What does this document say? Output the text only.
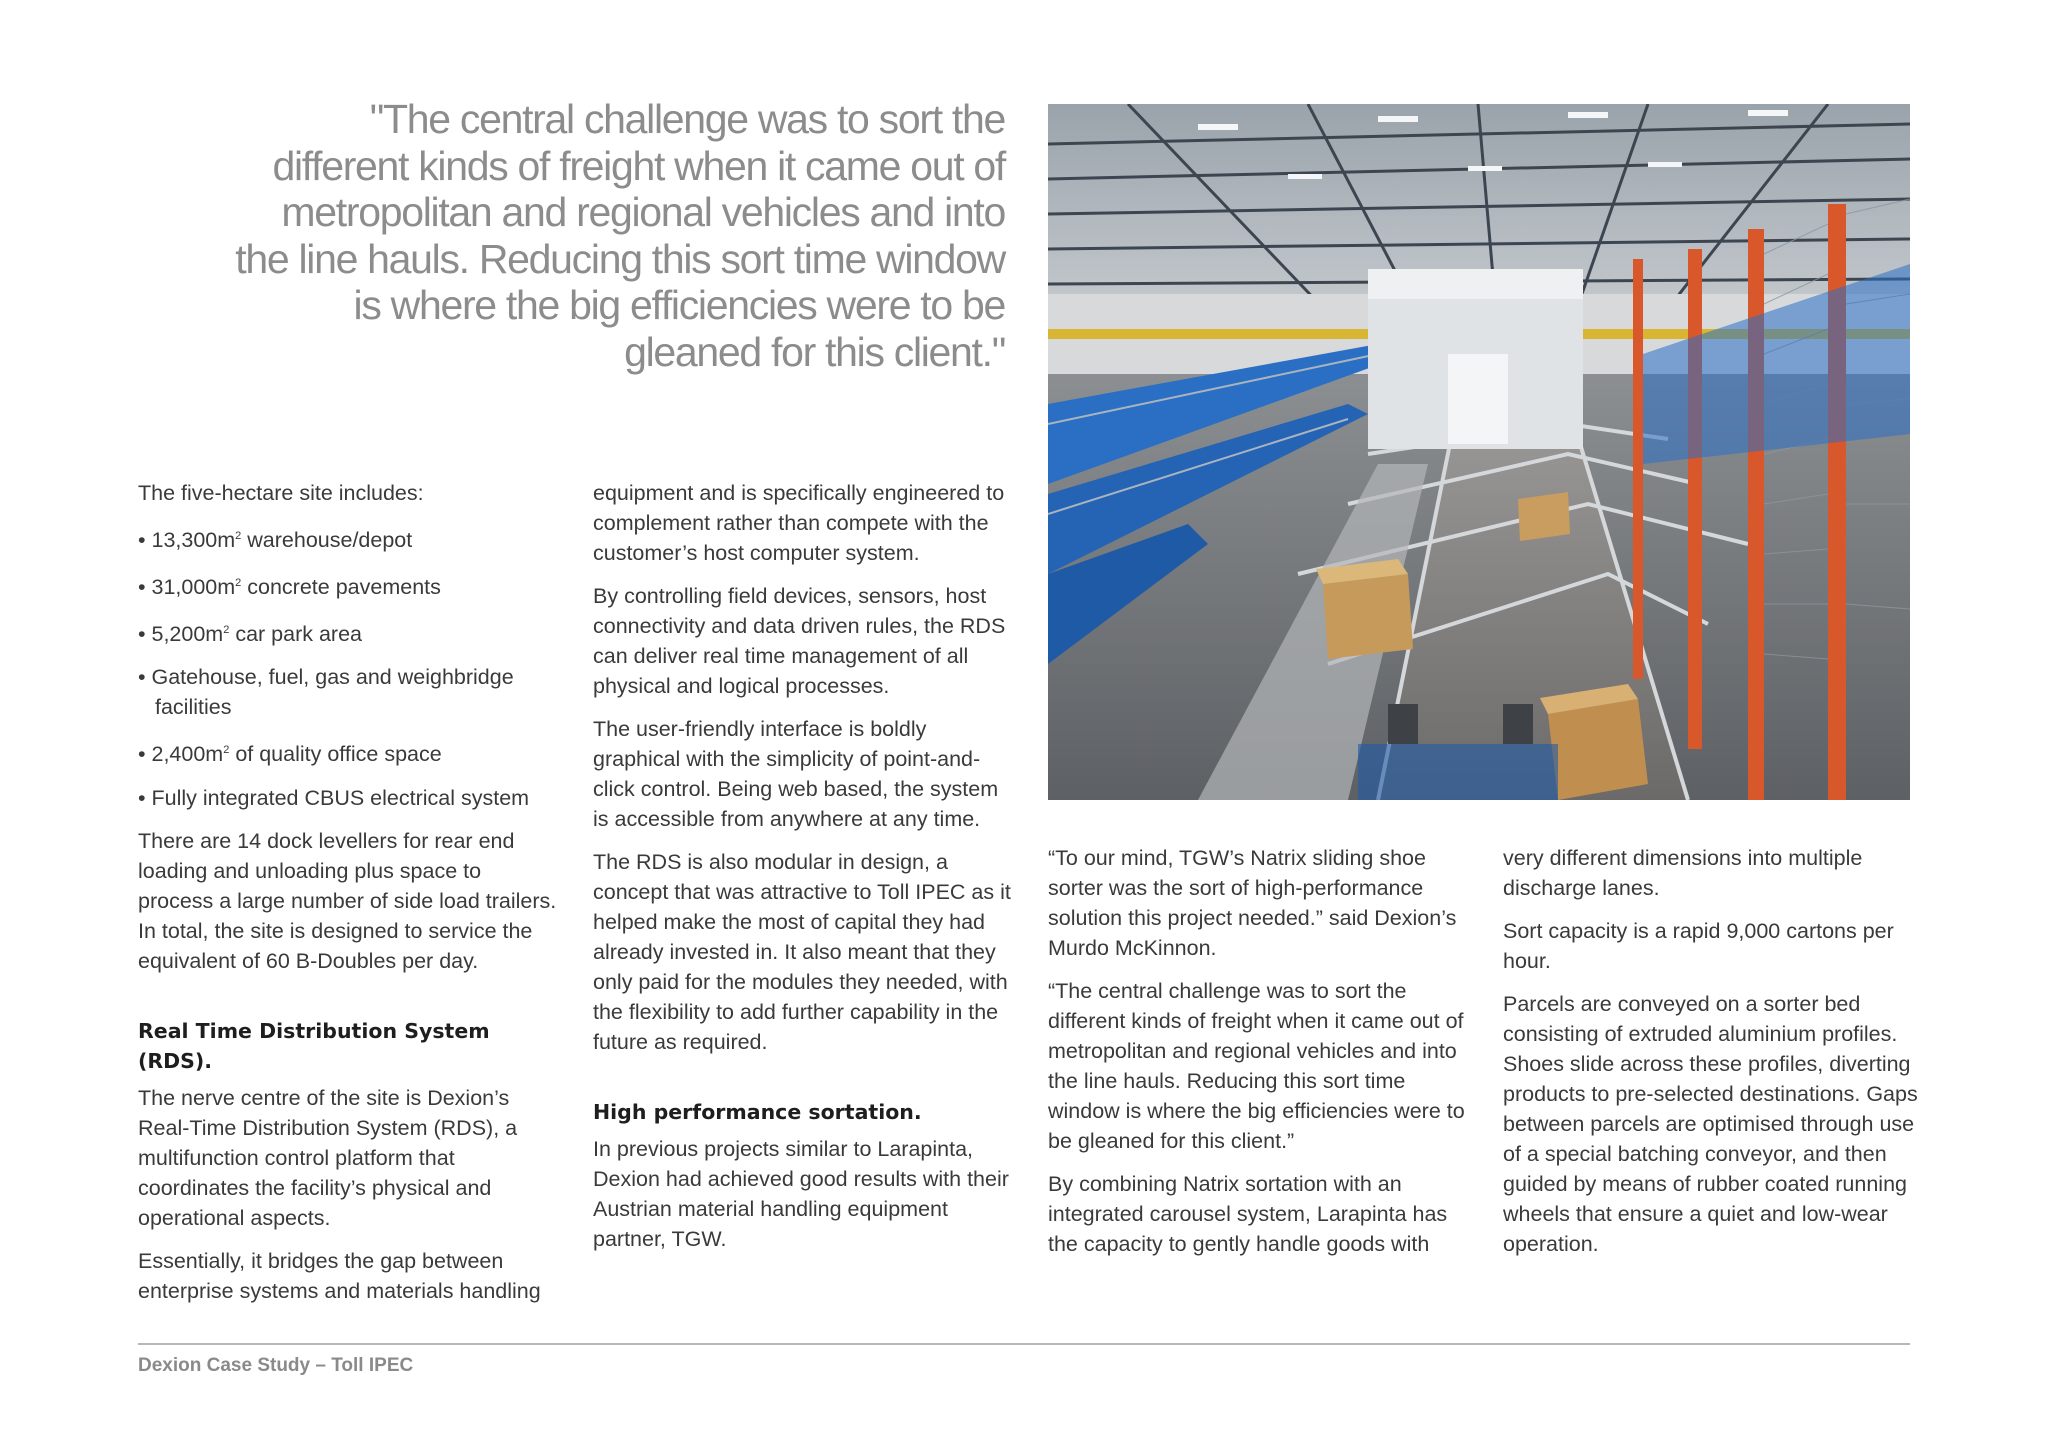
"The central challenge was to sort the different kinds of freight when it came out of metropolitan and regional vehicles and into the line hauls. Reducing this sort time window is where the big efficiencies were to be gleaned for this client."

The five-hectare site includes:

• $13,300m^2$ warehouse/depot

• $31,000m^2$ concrete pavements

• $5,200m^2$ car park area

• Gatehouse, fuel, gas and weighbridge facilities

• $2,400m^2$ of quality office space

• Fully integrated CBUS electrical system

There are 14 dock levellers for rear end loading and unloading plus space to process a large number of side load trailers. In total, the site is designed to service the equivalent of 60 B-Doubles per day.

Real Time Distribution System (RDS).

The nerve centre of the site is Dexion’s Real-Time Distribution System (RDS), a multifunction control platform that coordinates the facility’s physical and operational aspects.

Essentially, it bridges the gap between enterprise systems and materials handling

equipment and is specifically engineered to complement rather than compete with the customer’s host computer system.

By controlling field devices, sensors, host connectivity and data driven rules, the RDS can deliver real time management of all physical and logical processes.

The user-friendly interface is boldly graphical with the simplicity of point-and-click control. Being web based, the system is accessible from anywhere at any time.

The RDS is also modular in design, a concept that was attractive to Toll IPEC as it helped make the most of capital they had already invested in. It also meant that they only paid for the modules they needed, with the flexibility to add further capability in the future as required.

High performance sortation.

In previous projects similar to Larapinta, Dexion had achieved good results with their Austrian material handling equipment partner, TGW.

“To our mind, TGW’s Natrix sliding shoe sorter was the sort of high-performance solution this project needed.” said Dexion’s Murdo McKinnon.

“The central challenge was to sort the different kinds of freight when it came out of metropolitan and regional vehicles and into the line hauls. Reducing this sort time window is where the big efficiencies were to be gleaned for this client.”

By combining Natrix sortation with an integrated carousel system, Larapinta has the capacity to gently handle goods with

very different dimensions into multiple discharge lanes.

Sort capacity is a rapid 9,000 cartons per hour.

Parcels are conveyed on a sorter bed consisting of extruded aluminium profiles. Shoes slide across these profiles, diverting products to pre-selected destinations. Gaps between parcels are optimised through use of a special batching conveyor, and then guided by means of rubber coated running wheels that ensure a quiet and low-wear operation.

Dexion Case Study – Toll IPEC
